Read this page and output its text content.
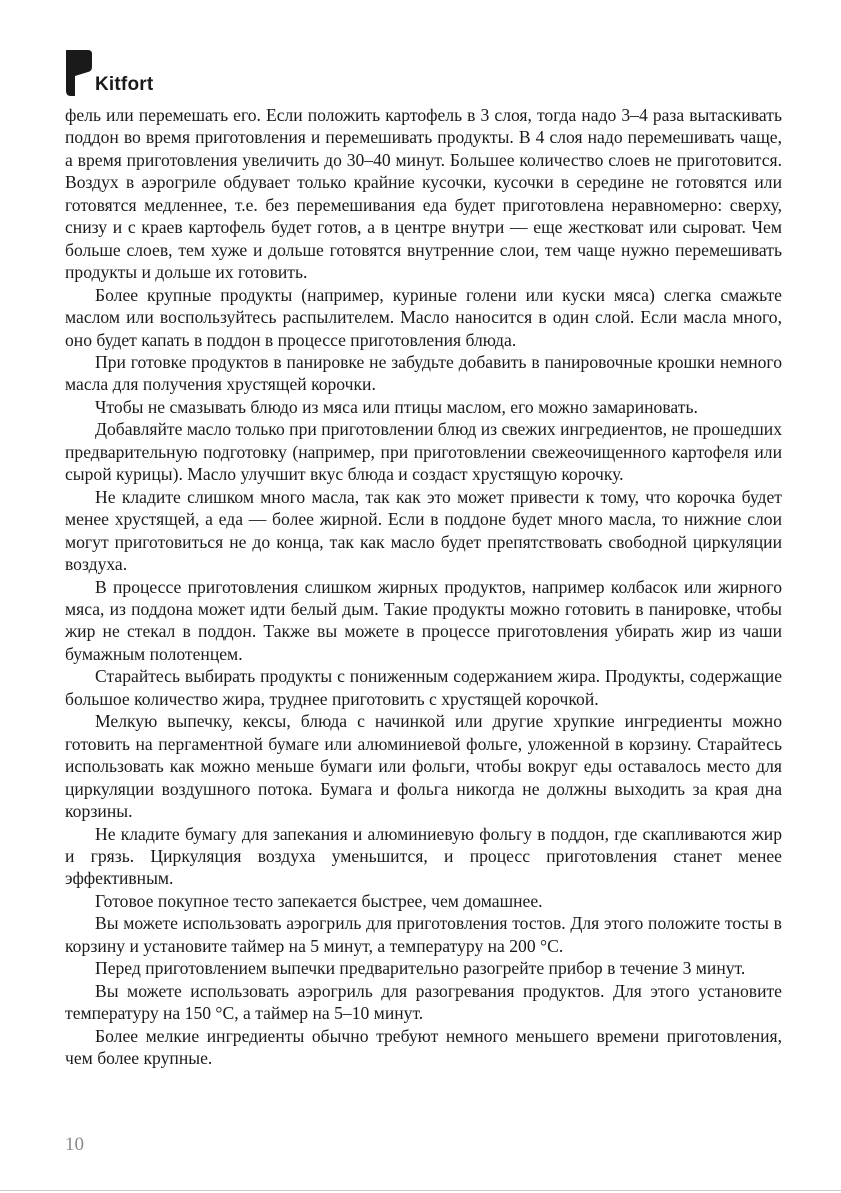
Kitfort

фель или перемешать его. Если положить картофель в 3 слоя, тогда надо 3–4 раза вытаскивать поддон во время приготовления и перемешивать продукты. В 4 слоя надо перемешивать чаще, а время приготовления увеличить до 30–40 минут. Большее количество слоев не приготовится. Воздух в аэрогриле обдувает только крайние кусочки, кусочки в середине не готовятся или готовятся медленнее, т.е. без перемешивания еда будет приготовлена неравномерно: сверху, снизу и с краев картофель будет готов, а в центре внутри — еще жестковат или сыроват. Чем больше слоев, тем хуже и дольше готовятся внутренние слои, тем чаще нужно перемешивать продукты и дольше их готовить.

Более крупные продукты (например, куриные голени или куски мяса) слегка смажьте маслом или воспользуйтесь распылителем. Масло наносится в один слой. Если масла много, оно будет капать в поддон в процессе приготовления блюда.

При готовке продуктов в панировке не забудьте добавить в панировочные крошки немного масла для получения хрустящей корочки.

Чтобы не смазывать блюдо из мяса или птицы маслом, его можно замариновать.

Добавляйте масло только при приготовлении блюд из свежих ингредиентов, не прошедших предварительную подготовку (например, при приготовлении свежеочищенного картофеля или сырой курицы). Масло улучшит вкус блюда и создаст хрустящую корочку.

Не кладите слишком много масла, так как это может привести к тому, что корочка будет менее хрустящей, а еда — более жирной. Если в поддоне будет много масла, то нижние слои могут приготовиться не до конца, так как масло будет препятствовать свободной циркуляции воздуха.

В процессе приготовления слишком жирных продуктов, например колбасок или жирного мяса, из поддона может идти белый дым. Такие продукты можно готовить в панировке, чтобы жир не стекал в поддон. Также вы можете в процессе приготовления убирать жир из чаши бумажным полотенцем.

Старайтесь выбирать продукты с пониженным содержанием жира. Продукты, содержащие большое количество жира, труднее приготовить с хрустящей корочкой.

Мелкую выпечку, кексы, блюда с начинкой или другие хрупкие ингредиенты можно готовить на пергаментной бумаге или алюминиевой фольге, уложенной в корзину. Старайтесь использовать как можно меньше бумаги или фольги, чтобы вокруг еды оставалось место для циркуляции воздушного потока. Бумага и фольга никогда не должны выходить за края дна корзины.

Не кладите бумагу для запекания и алюминиевую фольгу в поддон, где скапливаются жир и грязь. Циркуляция воздуха уменьшится, и процесс приготовления станет менее эффективным.

Готовое покупное тесто запекается быстрее, чем домашнее.

Вы можете использовать аэрогриль для приготовления тостов. Для этого положите тосты в корзину и установите таймер на 5 минут, а температуру на 200 °C.

Перед приготовлением выпечки предварительно разогрейте прибор в течение 3 минут.

Вы можете использовать аэрогриль для разогревания продуктов. Для этого установите температуру на 150 °C, а таймер на 5–10 минут.

Более мелкие ингредиенты обычно требуют немного меньшего времени приготовления, чем более крупные.

10
